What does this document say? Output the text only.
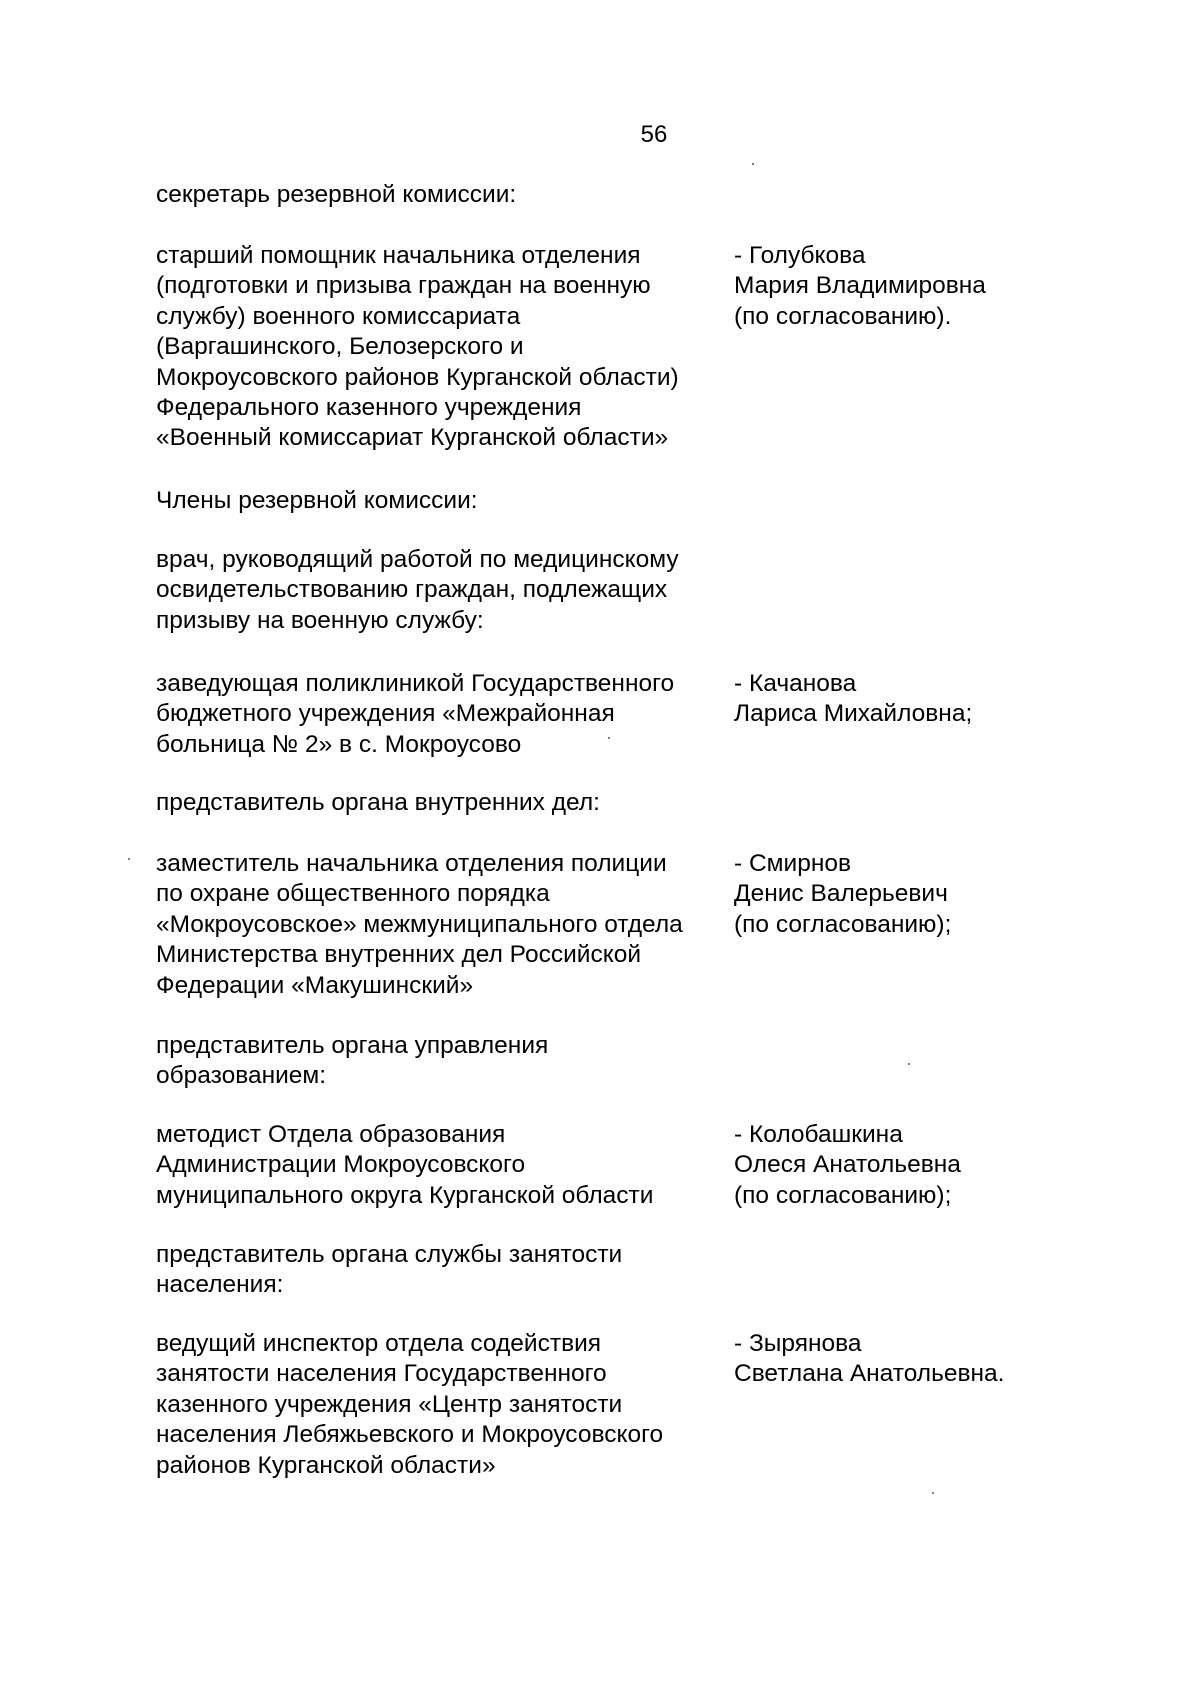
56

секретарь резервной комиссии:

старший помощник начальника отделения
(подготовки и призыва граждан на военную
службу) военного комиссариата
(Варгашинского, Белозерского и
Мокроусовского районов Курганской области)
Федерального казенного учреждения
«Военный комиссариат Курганской области»

- Голубкова
Мария Владимировна
(по согласованию).

Члены резервной комиссии:

врач, руководящий работой по медицинскому
освидетельствованию граждан, подлежащих
призыву на военную службу:

заведующая поликлиникой Государственного
бюджетного учреждения «Межрайонная
больница № 2» в с. Мокроусово

- Качанова
Лариса Михайловна;

представитель органа внутренних дел:

заместитель начальника отделения полиции
по охране общественного порядка
«Мокроусовское» межмуниципального отдела
Министерства внутренних дел Российской
Федерации «Макушинский»

- Смирнов
Денис Валерьевич
(по согласованию);

представитель органа управления
образованием:

методист Отдела образования
Администрации Мокроусовского
муниципального округа Курганской области

- Колобашкина
Олеся Анатольевна
(по согласованию);

представитель органа службы занятости
населения:

ведущий инспектор отдела содействия
занятости населения Государственного
казенного учреждения «Центр занятости
населения Лебяжьевского и Мокроусовского
районов Курганской области»

- Зырянова
Светлана Анатольевна.
